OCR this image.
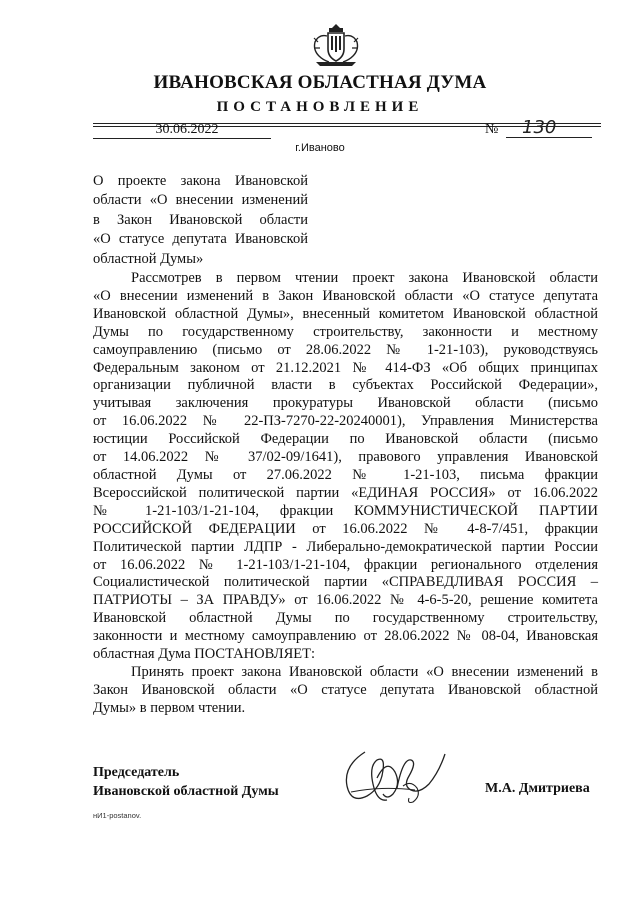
ИВАНОВСКАЯ ОБЛАСТНАЯ ДУМА
ПОСТАНОВЛЕНИЕ
30.06.2022	№	130
г.Иваново
О проекте закона Ивановской
области «О внесении изменений
в Закон Ивановской области
«О статусе депутата Ивановской
областной Думы»
Рассмотрев в первом чтении проект закона Ивановской области
«О внесении изменений в Закон Ивановской области «О статусе депутата
Ивановской областной Думы», внесенный комитетом Ивановской областной
Думы по государственному строительству, законности и местному
самоуправлению (письмо от 28.06.2022 № 1-21-103), руководствуясь
Федеральным законом от 21.12.2021 № 414-ФЗ «Об общих принципах
организации публичной власти в субъектах Российской Федерации»,
учитывая заключения прокуратуры Ивановской области (письмо
от 16.06.2022 № 22-ПЗ-7270-22-20240001), Управления Министерства
юстиции Российской Федерации по Ивановской области (письмо
от 14.06.2022 № 37/02-09/1641), правового управления Ивановской
областной Думы от 27.06.2022 № 1-21-103, письма фракции
Всероссийской политической партии «ЕДИНАЯ РОССИЯ» от 16.06.2022
№ 1-21-103/1-21-104, фракции КОММУНИСТИЧЕСКОЙ ПАРТИИ
РОССИЙСКОЙ ФЕДЕРАЦИИ от 16.06.2022 № 4-8-7/451, фракции
Политической партии ЛДПР - Либерально-демократической партии России
от 16.06.2022 № 1-21-103/1-21-104, фракции регионального отделения
Социалистической политической партии «СПРАВЕДЛИВАЯ РОССИЯ –
ПАТРИОТЫ – ЗА ПРАВДУ» от 16.06.2022 № 4-6-5-20, решение комитета
Ивановской областной Думы по государственному строительству,
законности и местному самоуправлению от 28.06.2022 № 08-04, Ивановская
областная Дума ПОСТАНОВЛЯЕТ:
Принять проект закона Ивановской области «О внесении изменений в
Закон Ивановской области «О статусе депутата Ивановской областной
Думы» в первом чтении.
Председатель
Ивановской областной Думы	М.А. Дмитриева
нИ1-postanov.
